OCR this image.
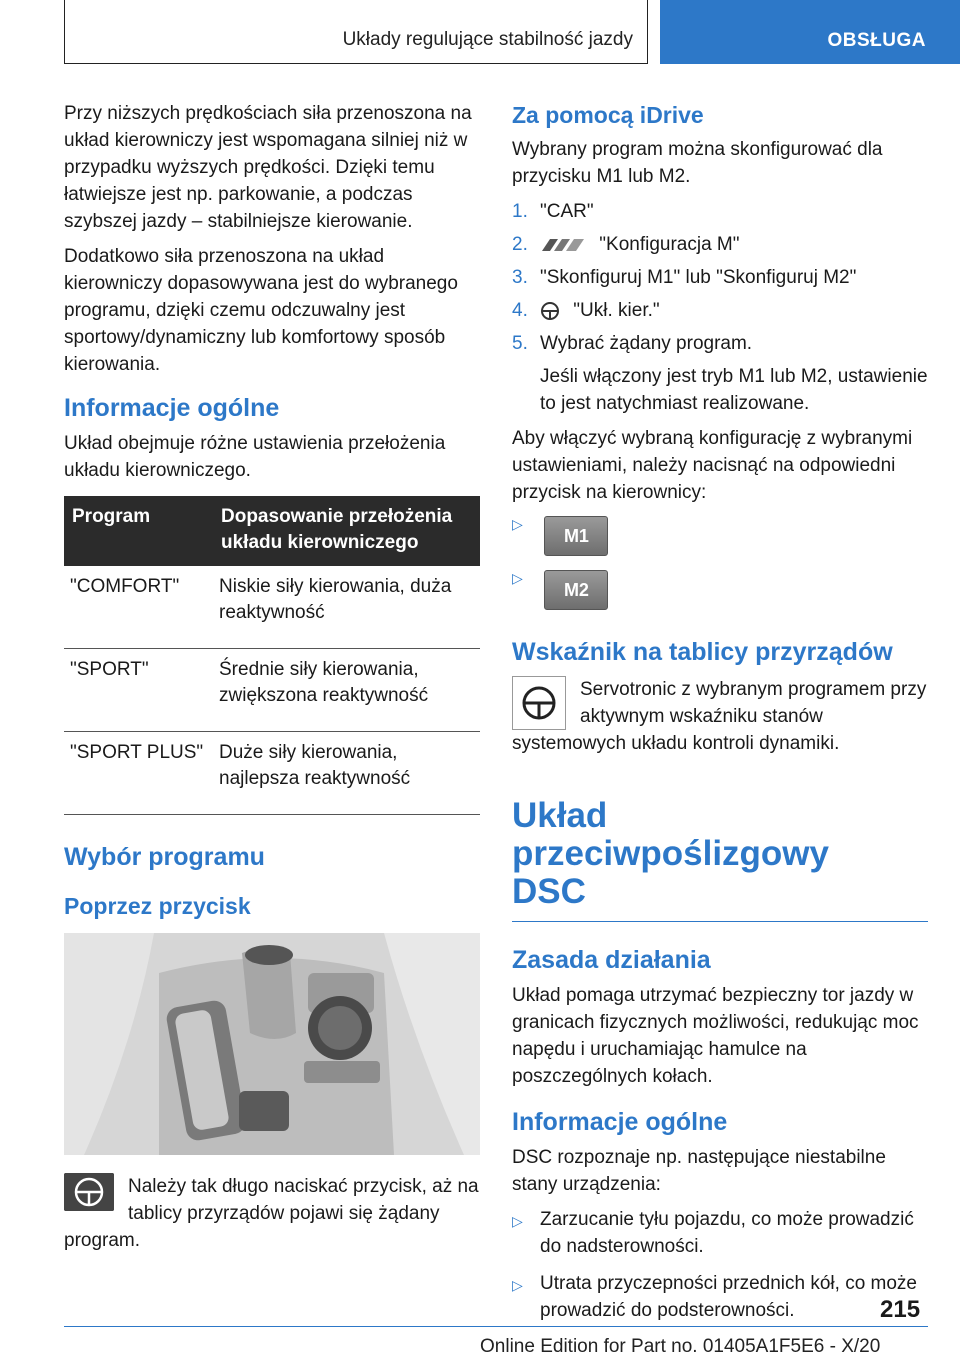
Układy regulujące stabilność jazdy	OBSŁUGA

Przy niższych prędkościach siła przenoszona na układ kierowniczy jest wspomagana silniej niż w przypadku wyższych prędkości. Dzięki temu łatwiejsze jest np. parkowanie, a podczas szybszej jazdy – stabilniejsze kierowanie.

Dodatkowo siła przenoszona na układ kierowniczy dopasowywana jest do wybranego programu, dzięki czemu odczuwalny jest sportowy/dynamiczny lub komfortowy sposób kierowania.

Informacje ogólne

Układ obejmuje różne ustawienia przełożenia układu kierowniczego.

Program	Dopasowanie przełożenia układu kierowniczego
"COMFORT"	Niskie siły kierowania, duża reaktywność
"SPORT"	Średnie siły kierowania, zwiększona reaktywność
"SPORT PLUS"	Duże siły kierowania, najlepsza reaktywność
Wybór programu
Poprzez przycisk

Należy tak długo naciskać przycisk, aż na tablicy przyrządów pojawi się żądany program.

Za pomocą iDrive

Wybrany program można skonfigurować dla przycisku M1 lub M2.

1. "CAR"
2.	"Konfiguracja M"
3. "Skonfiguruj M1" lub "Skonfiguruj M2"
4. "Ukł. kier."
5. Wybrać żądany program.

Jeśli włączony jest tryb M1 lub M2, ustawienie to jest natychmiast realizowane.

Aby włączyć wybraną konfigurację z wybranymi ustawieniami, należy nacisnąć na odpowiedni przycisk na kierownicy:

▷ M1
▷ M2
Wskaźnik na tablicy przyrządów

Servotronic z wybranym programem przy aktywnym wskaźniku stanów systemowych układu kontroli dynamiki.

Układ przeciwpoślizgowy DSC
Zasada działania

Układ pomaga utrzymać bezpieczny tor jazdy w granicach fizycznych możliwości, redukując moc napędu i uruchamiając hamulce na poszczególnych kołach.

Informacje ogólne

DSC rozpoznaje np. następujące niestabilne stany urządzenia:

▷ Zarzucanie tyłu pojazdu, co może prowadzić do nadsterowności.
▷ Utrata przyczepności przednich kół, co może prowadzić do podsterowności.	215
Online Edition for Part no. 01405A1F5E6 - X/20
